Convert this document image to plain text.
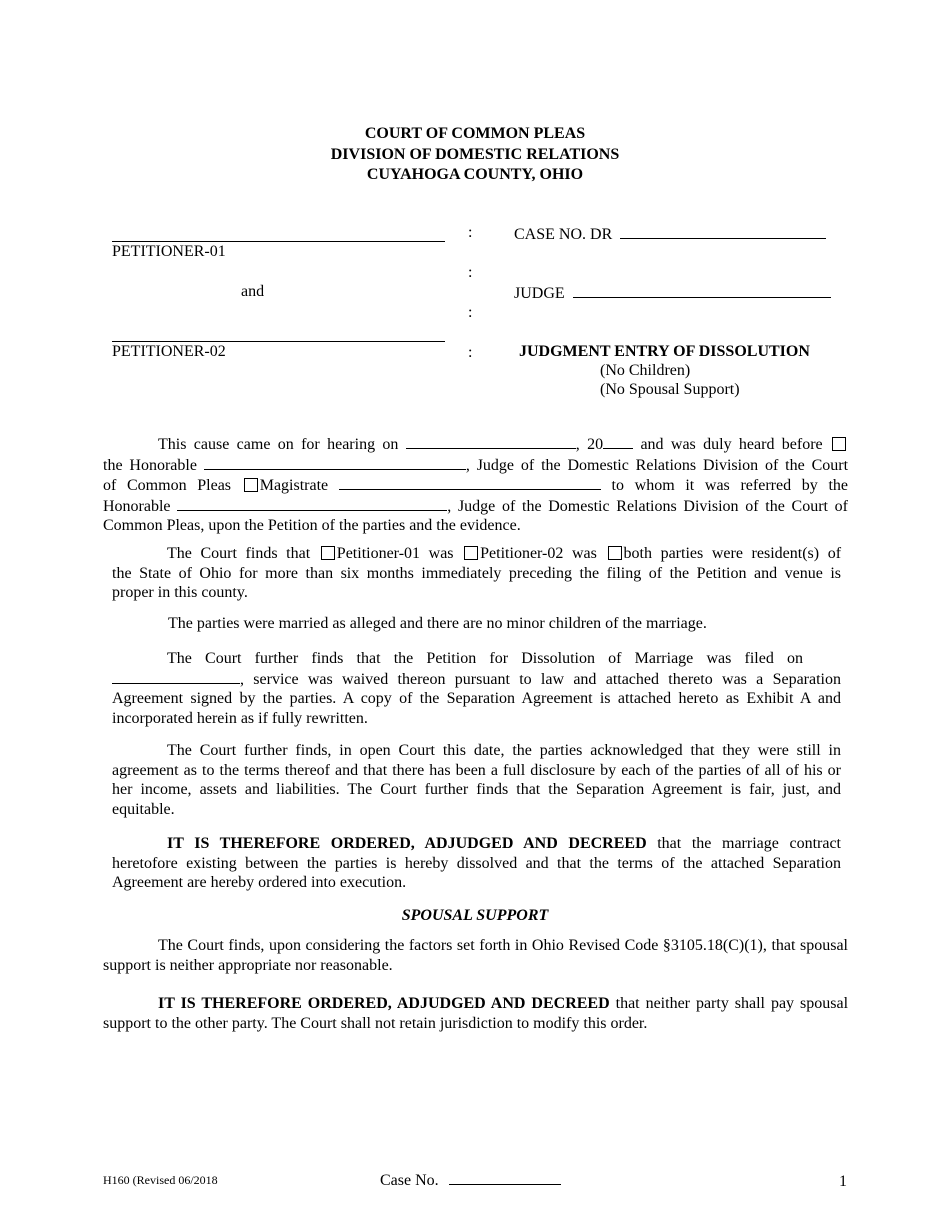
COURT OF COMMON PLEAS
DIVISION OF DOMESTIC RELATIONS
CUYAHOGA COUNTY, OHIO
PETITIONER-01
and
PETITIONER-02
:
:
:
:
CASE NO. DR
JUDGE
JUDGMENT ENTRY OF DISSOLUTION
(No Children)
(No Spousal Support)
This cause came on for hearing on	, 20 and was duly heard before
the Honorable	, Judge of the Domestic Relations Division of the Court
of Common Pleas Magistrate	to whom it was referred by the
Honorable	, Judge of the Domestic Relations Division of the Court of
Common Pleas, upon the Petition of the parties and the evidence.
The Court finds that Petitioner-01 was Petitioner-02 was both parties were resident(s) of
the State of Ohio for more than six months immediately preceding the filing of the Petition and venue is
proper in this county.
The parties were married as alleged and there are no minor children of the marriage.
The Court further finds that the Petition for Dissolution of Marriage was filed on
, service was waived thereon pursuant to law and attached thereto was a Separation
Agreement signed by the parties. A copy of the Separation Agreement is attached hereto as Exhibit A and
incorporated herein as if fully rewritten.
The Court further finds, in open Court this date, the parties acknowledged that they were still in agreement as to the terms thereof and that there has been a full disclosure by each of the parties of all of his or her income, assets and liabilities. The Court further finds that the Separation Agreement is fair, just, and equitable.
IT IS THEREFORE ORDERED, ADJUDGED AND DECREED that the marriage contract heretofore existing between the parties is hereby dissolved and that the terms of the attached Separation Agreement are hereby ordered into execution.
SPOUSAL SUPPORT
The Court finds, upon considering the factors set forth in Ohio Revised Code §3105.18(C)(1), that spousal support is neither appropriate nor reasonable.
IT IS THEREFORE ORDERED, ADJUDGED AND DECREED that neither party shall pay spousal support to the other party. The Court shall not retain jurisdiction to modify this order.
H160 (Revised 06/2018	Case No.	1
